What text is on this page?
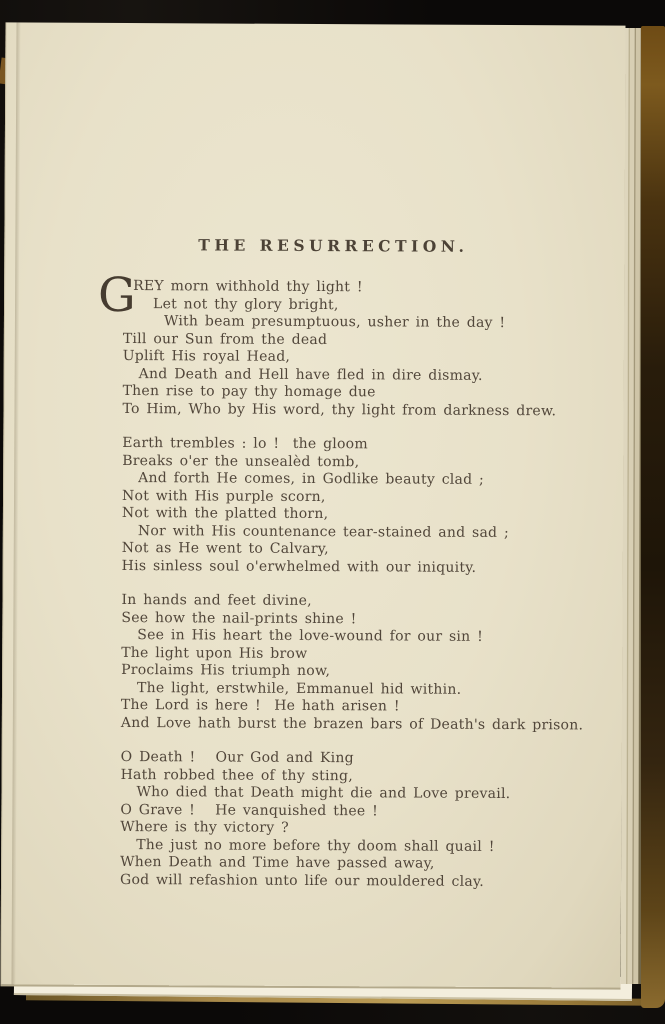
THE RESURRECTION.
G
REY morn withhold thy light !
Let not thy glory bright,
With beam presumptuous, usher in the day !
Till our Sun from the dead
Uplift His royal Head,
And Death and Hell have fled in dire dismay.
Then rise to pay thy homage due
To Him, Who by His word, thy light from darkness drew.
Earth trembles : lo !  the gloom
Breaks o'er the unsealèd tomb,
And forth He comes, in Godlike beauty clad ;
Not with His purple scorn,
Not with the platted thorn,
Nor with His countenance tear-stained and sad ;
Not as He went to Calvary,
His sinless soul o'erwhelmed with our iniquity.
In hands and feet divine,
See how the nail-prints shine !
See in His heart the love-wound for our sin !
The light upon His brow
Proclaims His triumph now,
The light, erstwhile, Emmanuel hid within.
The Lord is here !  He hath arisen !
And Love hath burst the brazen bars of Death's dark prison.
O Death !   Our God and King
Hath robbed thee of thy sting,
Who died that Death might die and Love prevail.
O Grave !   He vanquished thee !
Where is thy victory ?
The just no more before thy doom shall quail !
When Death and Time have passed away,
God will refashion unto life our mouldered clay.
